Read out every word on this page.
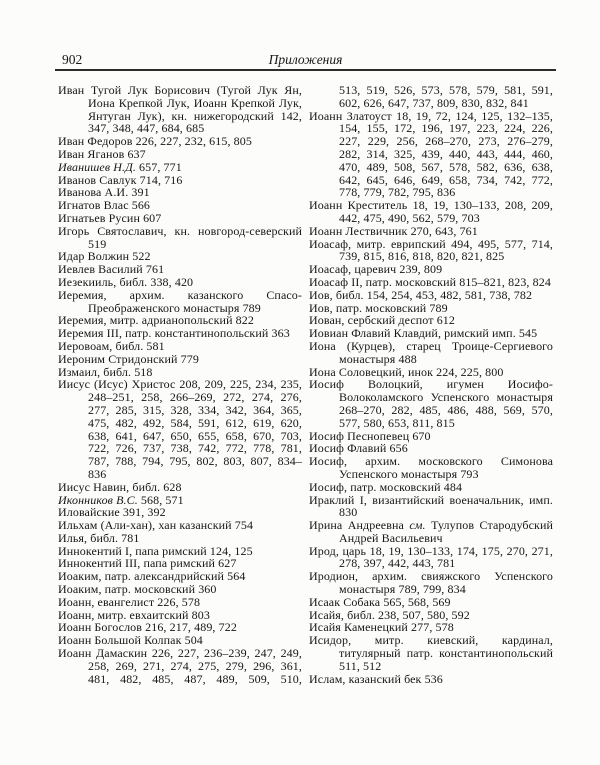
902	Приложения
Иван Тугой Лук Борисович (Тугой Лук Ян, Иона Крепкой Лук, Иоанн Крепкой Лук, Янтуган Лук), кн. нижегородский 142, 347, 348, 447, 684, 685
Иван Федоров 226, 227, 232, 615, 805
Иван Яганов 637
Иванишев Н.Д. 657, 771
Иванов Савлук 714, 716
Иванова А.И. 391
Игнатов Влас 566
Игнатьев Русин 607
Игорь Святославич, кн. новгород-северский 519
Идар Волжин 522
Иевлев Василий 761
Иезекииль, библ. 338, 420
Иеремия, архим. казанского Спасо-Преображенского монастыря 789
Иеремия, митр. адрианопольский 822
Иеремия III, патр. константинопольский 363
Иеровоам, библ. 581
Иероним Стридонский 779
Измаил, библ. 518
Иисус (Исус) Христос 208, 209, 225, 234, 235, 248–251, 258, 266–269, 272, 274, 276, 277, 285, 315, 328, 334, 342, 364, 365, 475, 482, 492, 584, 591, 612, 619, 620, 638, 641, 647, 650, 655, 658, 670, 703, 722, 726, 737, 738, 742, 772, 778, 781, 787, 788, 794, 795, 802, 803, 807, 834–836
Иисус Навин, библ. 628
Иконников В.С. 568, 571
Иловайские 391, 392
Ильхам (Али-хан), хан казанский 754
Илья, библ. 781
Иннокентий I, папа римский 124, 125
Иннокентий III, папа римский 627
Иоаким, патр. александрийский 564
Иоаким, патр. московский 360
Иоанн, евангелист 226, 578
Иоанн, митр. евхаитский 803
Иоанн Богослов 216, 217, 489, 722
Иоанн Большой Колпак 504
Иоанн Дамаскин 226, 227, 236–239, 247, 249, 258, 269, 271, 274, 275, 279, 296, 361, 481, 482, 485, 487, 489, 509, 510,
513, 519, 526, 573, 578, 579, 581, 591, 602, 626, 647, 737, 809, 830, 832, 841
Иоанн Златоуст 18, 19, 72, 124, 125, 132–135, 154, 155, 172, 196, 197, 223, 224, 226, 227, 229, 256, 268–270, 273, 276–279, 282, 314, 325, 439, 440, 443, 444, 460, 470, 489, 508, 567, 578, 582, 636, 638, 642, 645, 646, 649, 658, 734, 742, 772, 778, 779, 782, 795, 836
Иоанн Креститель 18, 19, 130–133, 208, 209, 442, 475, 490, 562, 579, 703
Иоанн Лествичник 270, 643, 761
Иоасаф, митр. еврипский 494, 495, 577, 714, 739, 815, 816, 818, 820, 821, 825
Иоасаф, царевич 239, 809
Иоасаф II, патр. московский 815–821, 823, 824
Иов, библ. 154, 254, 453, 482, 581, 738, 782
Иов, патр. московский 789
Иован, сербский деспот 612
Иовиан Флавий Клавдий, римский имп. 545
Иона (Курцев), старец Троице-Сергиевого монастыря 488
Иона Соловецкий, инок 224, 225, 800
Иосиф Волоцкий, игумен Иосифо-Волоколамского Успенского монастыря 268–270, 282, 485, 486, 488, 569, 570, 577, 580, 653, 811, 815
Иосиф Песнопевец 670
Иосиф Флавий 656
Иосиф, архим. московского Симонова Успенского монастыря 793
Иосиф, патр. московский 484
Ираклий I, византийский военачальник, имп. 830
Ирина Андреевна см. Тулупов Стародубский Андрей Васильевич
Ирод, царь 18, 19, 130–133, 174, 175, 270, 271, 278, 397, 442, 443, 781
Иродион, архим. свияжского Успенского монастыря 789, 799, 834
Исаак Собака 565, 568, 569
Исайя, библ. 238, 507, 580, 592
Исайя Каменецкий 277, 578
Исидор, митр. киевский, кардинал, титулярный патр. константинопольский 511, 512
Ислам, казанский бек 536
